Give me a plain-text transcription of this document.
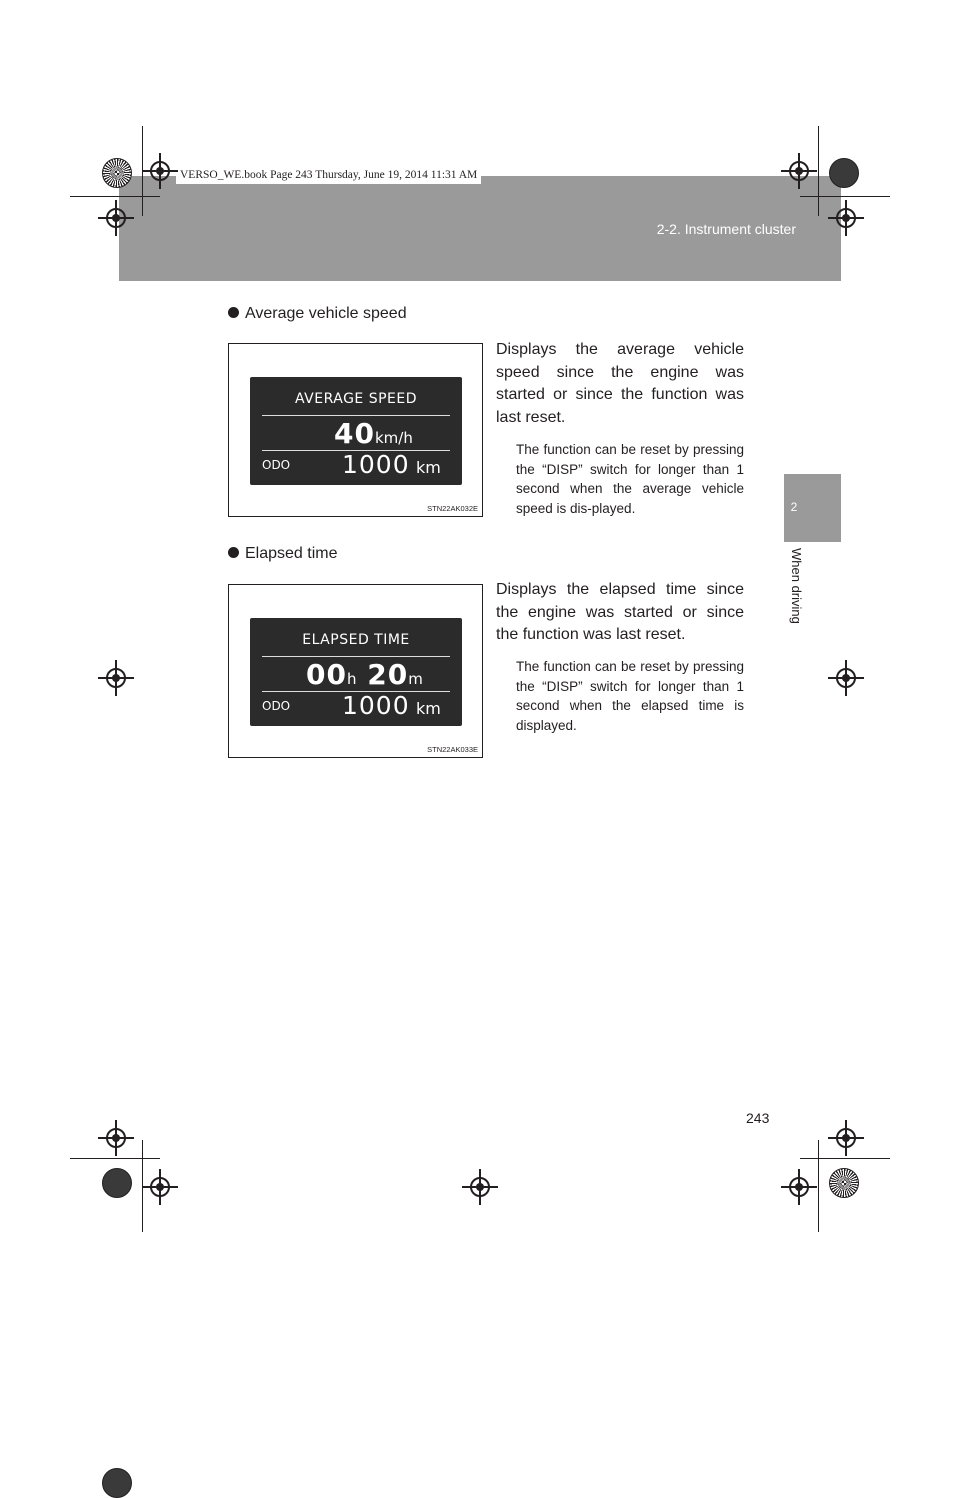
2-2. Instrument cluster
VERSO_WE.book Page 243 Thursday, June 19, 2014 11:31 AM
2
When driving
Average vehicle speed
AVERAGE SPEED
40km/h
ODO 1000 km
STN22AK032E
Displays the average vehicle speed since the engine was started or since the function was last reset.
The function can be reset by pressing the “DISP” switch for longer than 1 second when the average vehicle speed is dis-played.
Elapsed time
ELAPSED TIME
00h 20m
ODO 1000 km
STN22AK033E
Displays the elapsed time since the engine was started or since the function was last reset.
The function can be reset by pressing the “DISP” switch for longer than 1 second when the elapsed time is displayed.
243
